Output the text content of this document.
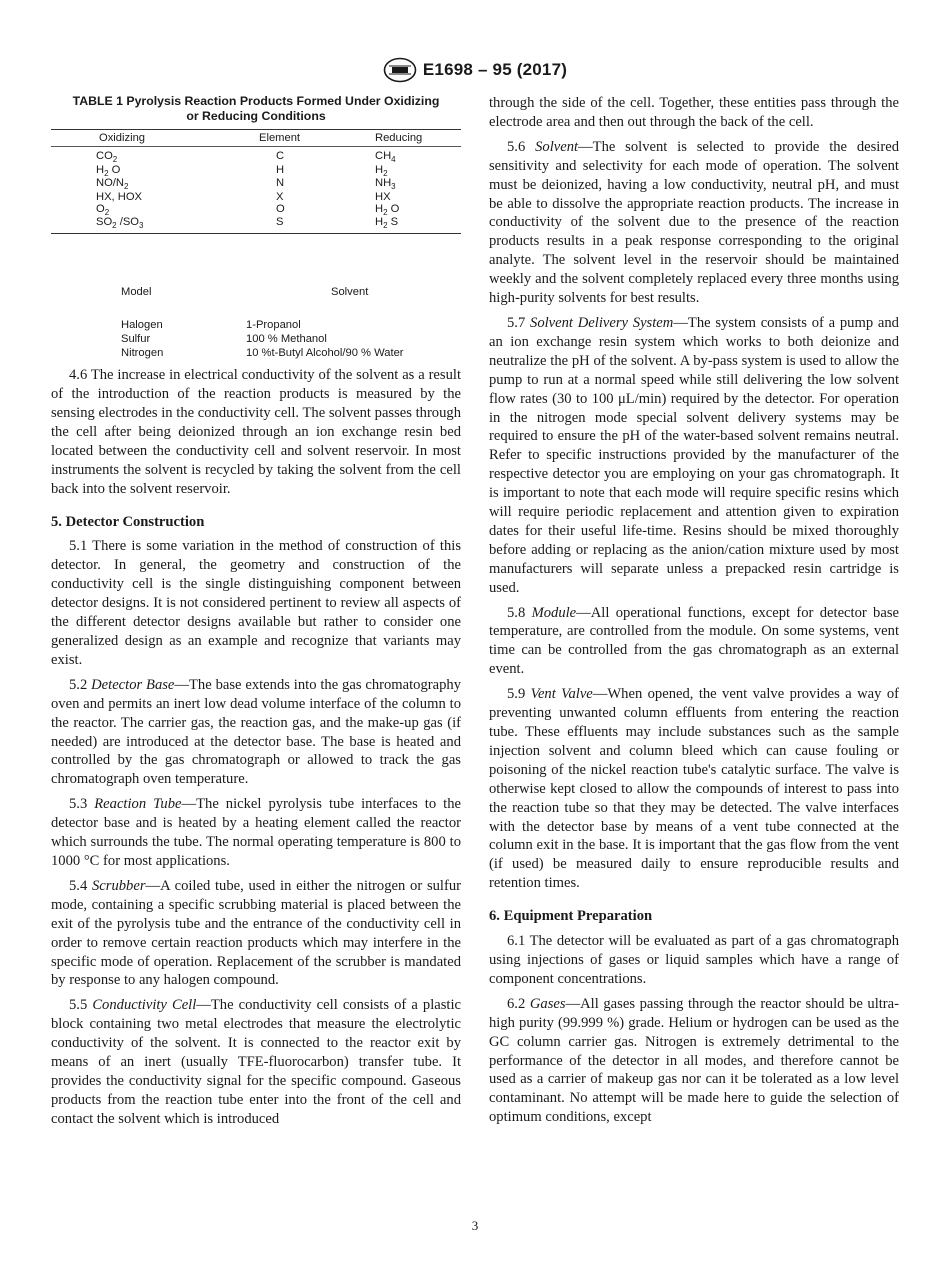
E1698 – 95 (2017)
TABLE 1 Pyrolysis Reaction Products Formed Under Oxidizing
or Reducing Conditions
Oxidizing	Element	Reducing
$CO_2$	C	$CH_4$
$H_2$ O	H	$H_2$
$NO/N_2$	N	$NH_3$
HX, HOX	X	HX
$O_2$	O	$H_2$ O
$SO_2$ $/SO_3$	S	$H_2$ S
Model	Solvent
Halogen	1-Propanol
Sulfur	100 % Methanol
Nitrogen	10 %t-Butyl Alcohol/90 % Water

4.6 The increase in electrical conductivity of the solvent as a result of the introduction of the reaction products is measured by the sensing electrodes in the conductivity cell. The solvent passes through the cell after being deionized through an ion exchange resin bed located between the conductivity cell and solvent reservoir. In most instruments the solvent is recycled by taking the solvent from the cell back into the solvent reservoir.

5. Detector Construction

5.1 There is some variation in the method of construction of this detector. In general, the geometry and construction of the conductivity cell is the single distinguishing component between detector designs. It is not considered pertinent to review all aspects of the different detector designs available but rather to consider one generalized design as an example and recognize that variants may exist.

5.2 Detector Base—The base extends into the gas chromatography oven and permits an inert low dead volume interface of the column to the reactor. The carrier gas, the reaction gas, and the make-up gas (if needed) are introduced at the detector base. The base is heated and controlled by the gas chromatograph or allowed to track the gas chromatograph oven temperature.

5.3 Reaction Tube—The nickel pyrolysis tube interfaces to the detector base and is heated by a heating element called the reactor which surrounds the tube. The normal operating temperature is 800 to 1000 °C for most applications.

5.4 Scrubber—A coiled tube, used in either the nitrogen or sulfur mode, containing a specific scrubbing material is placed between the exit of the pyrolysis tube and the entrance of the conductivity cell in order to remove certain reaction products which may interfere in the specific mode of operation. Replacement of the scrubber is mandated by response to any halogen compound.

5.5 Conductivity Cell—The conductivity cell consists of a plastic block containing two metal electrodes that measure the electrolytic conductivity of the solvent. It is connected to the reactor exit by means of an inert (usually TFE-fluorocarbon) transfer tube. It provides the conductivity signal for the specific compound. Gaseous products from the reaction tube enter into the front of the cell and contact the solvent which is introduced

through the side of the cell. Together, these entities pass through the electrode area and then out through the back of the cell.

5.6 Solvent—The solvent is selected to provide the desired sensitivity and selectivity for each mode of operation. The solvent must be deionized, having a low conductivity, neutral pH, and must be able to dissolve the appropriate reaction products. The increase in conductivity of the solvent due to the presence of the reaction products results in a peak response corresponding to the original analyte. The solvent level in the reservoir should be maintained weekly and the solvent completely replaced every three months using high-purity solvents for best results.

5.7 Solvent Delivery System—The system consists of a pump and an ion exchange resin system which works to both deionize and neutralize the pH of the solvent. A by-pass system is used to allow the pump to run at a normal speed while still delivering the low solvent flow rates (30 to 100 μL/min) required by the detector. For operation in the nitrogen mode special solvent delivery systems may be required to ensure the pH of the water-based solvent remains neutral. Refer to specific instructions provided by the manufacturer of the respective detector you are employing on your gas chromatograph. It is important to note that each mode will require specific resins which will require periodic replacement and attention given to expiration dates for their useful life-time. Resins should be mixed thoroughly before adding or replacing as the anion/cation mixture used by most manufacturers will separate unless a prepacked resin cartridge is used.

5.8 Module—All operational functions, except for detector base temperature, are controlled from the module. On some systems, vent time can be controlled from the gas chromatograph as an external event.

5.9 Vent Valve—When opened, the vent valve provides a way of preventing unwanted column effluents from entering the reaction tube. These effluents may include substances such as the sample injection solvent and column bleed which can cause fouling or poisoning of the nickel reaction tube's catalytic surface. The valve is otherwise kept closed to allow the compounds of interest to pass into the reaction tube so that they may be detected. The valve interfaces with the detector base by means of a vent tube connected at the column exit in the base. It is important that the gas flow from the vent (if used) be measured daily to ensure reproducible results and retention times.

6. Equipment Preparation

6.1 The detector will be evaluated as part of a gas chromatograph using injections of gases or liquid samples which have a range of component concentrations.

6.2 Gases—All gases passing through the reactor should be ultra-high purity (99.999 %) grade. Helium or hydrogen can be used as the GC column carrier gas. Nitrogen is extremely detrimental to the performance of the detector in all modes, and therefore cannot be used as a carrier of makeup gas nor can it be tolerated as a low level contaminant. No attempt will be made here to guide the selection of optimum conditions, except

3
